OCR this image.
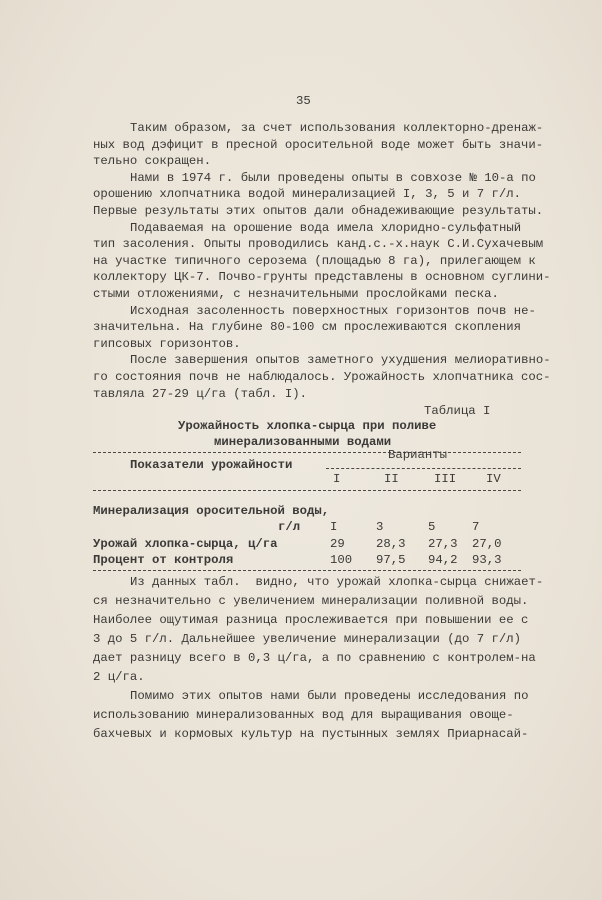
35
Таким образом, за счет использования коллекторно-дренаж-
ных вод дэфицит в пресной оросительной воде может быть значи-
тельно сокращен.
Нами в 1974 г. были проведены опыты в совхозе № 10-а по
орошению хлопчатника водой минерализацией I, 3, 5 и 7 г/л.
Первые результаты этих опытов дали обнадеживающие результаты.
Подаваемая на орошение вода имела хлоридно-сульфатный
тип засоления. Опыты проводились канд.с.-х.наук С.И.Сухачевым
на участке типичного серозема (площадью 8 га), прилегающем к
коллектору ЦК-7. Почво-грунты представлены в основном суглини-
стыми отложениями, с незначительными прослойками песка.
Исходная засоленность поверхностных горизонтов почв не-
значительна. На глубине 80-100 см прослеживаются скопления
гипсовых горизонтов.
После завершения опытов заметного ухудшения мелиоративно-
го состояния почв не наблюдалось. Урожайность хлопчатника сос-
тавляла 27-29 ц/га (табл. I).
Таблица I
Урожайность хлопка-сырца при поливе
минерализованными водами
Варианты
Показатели урожайности
I	II	III IV
Минерализация оросительной воды,
г/л I	3	5	7
Урожай хлопка-сырца, ц/га	29	28,3 27,3 27,0
Процент от контроля	100 97,5 94,2 93,3
Из данных табл.  видно, что урожай хлопка-сырца снижает-
ся незначительно с увеличением минерализации поливной воды.
Наиболее ощутимая разница прослеживается при повышении ее с
3 до 5 г/л. Дальнейшее увеличение минерализации (до 7 г/л)
дает разницу всего в 0,3 ц/га, а по сравнению с контролем-на
2 ц/га.
Помимо этих опытов нами были проведены исследования по
использованию минерализованных вод для выращивания овоще-
бахчевых и кормовых культур на пустынных землях Приарнасай-
